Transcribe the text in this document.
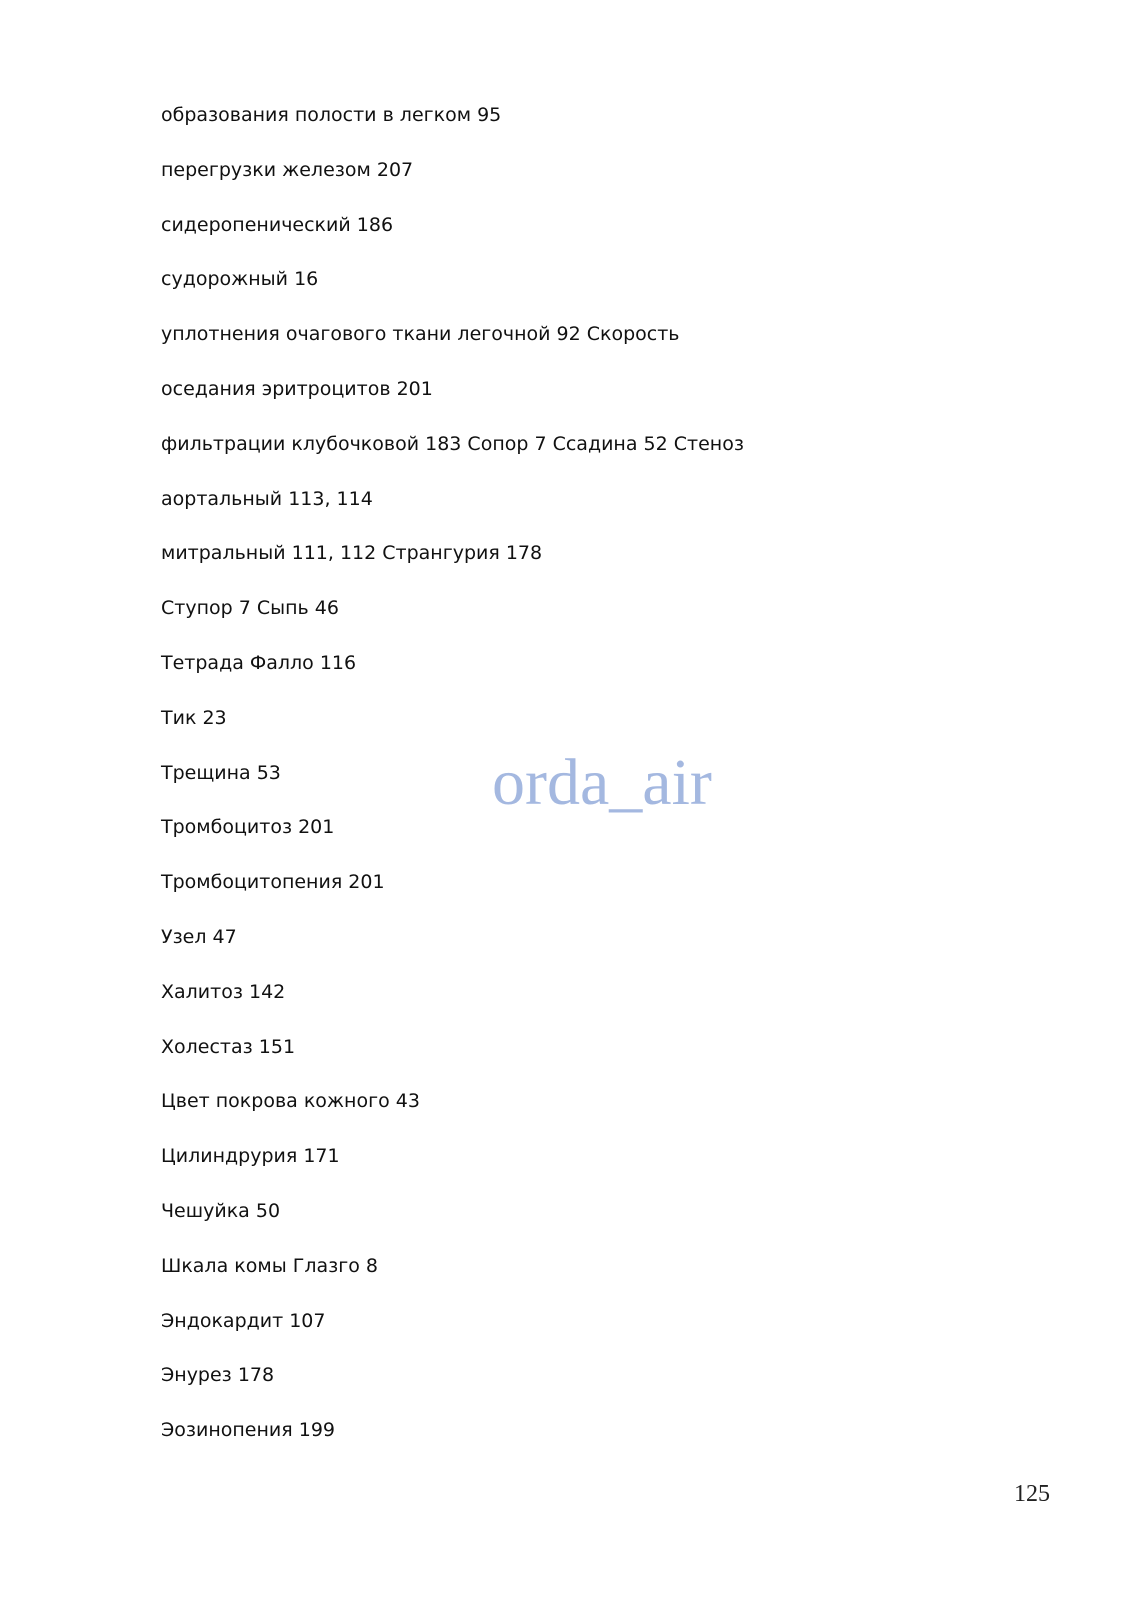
образования полости в легком 95
перегрузки железом 207
сидеропенический 186
судорожный 16
уплотнения очагового ткани легочной 92 Скорость
оседания эритроцитов 201
фильтрации клубочковой 183 Сопор 7 Ссадина 52 Стеноз
аортальный 113, 114
митральный 111, 112 Странгурия 178
Ступор 7 Сыпь 46
Тетрада Фалло 116
Тик 23
Трещина 53
Тромбоцитоз 201
Тромбоцитопения 201
Узел 47
Халитоз 142
Холестаз 151
Цвет покрова кожного 43
Цилиндрурия 171
Чешуйка 50
Шкала комы Глазго 8
Эндокардит 107
Энурез 178
Эозинопения 199
orda_air
125
